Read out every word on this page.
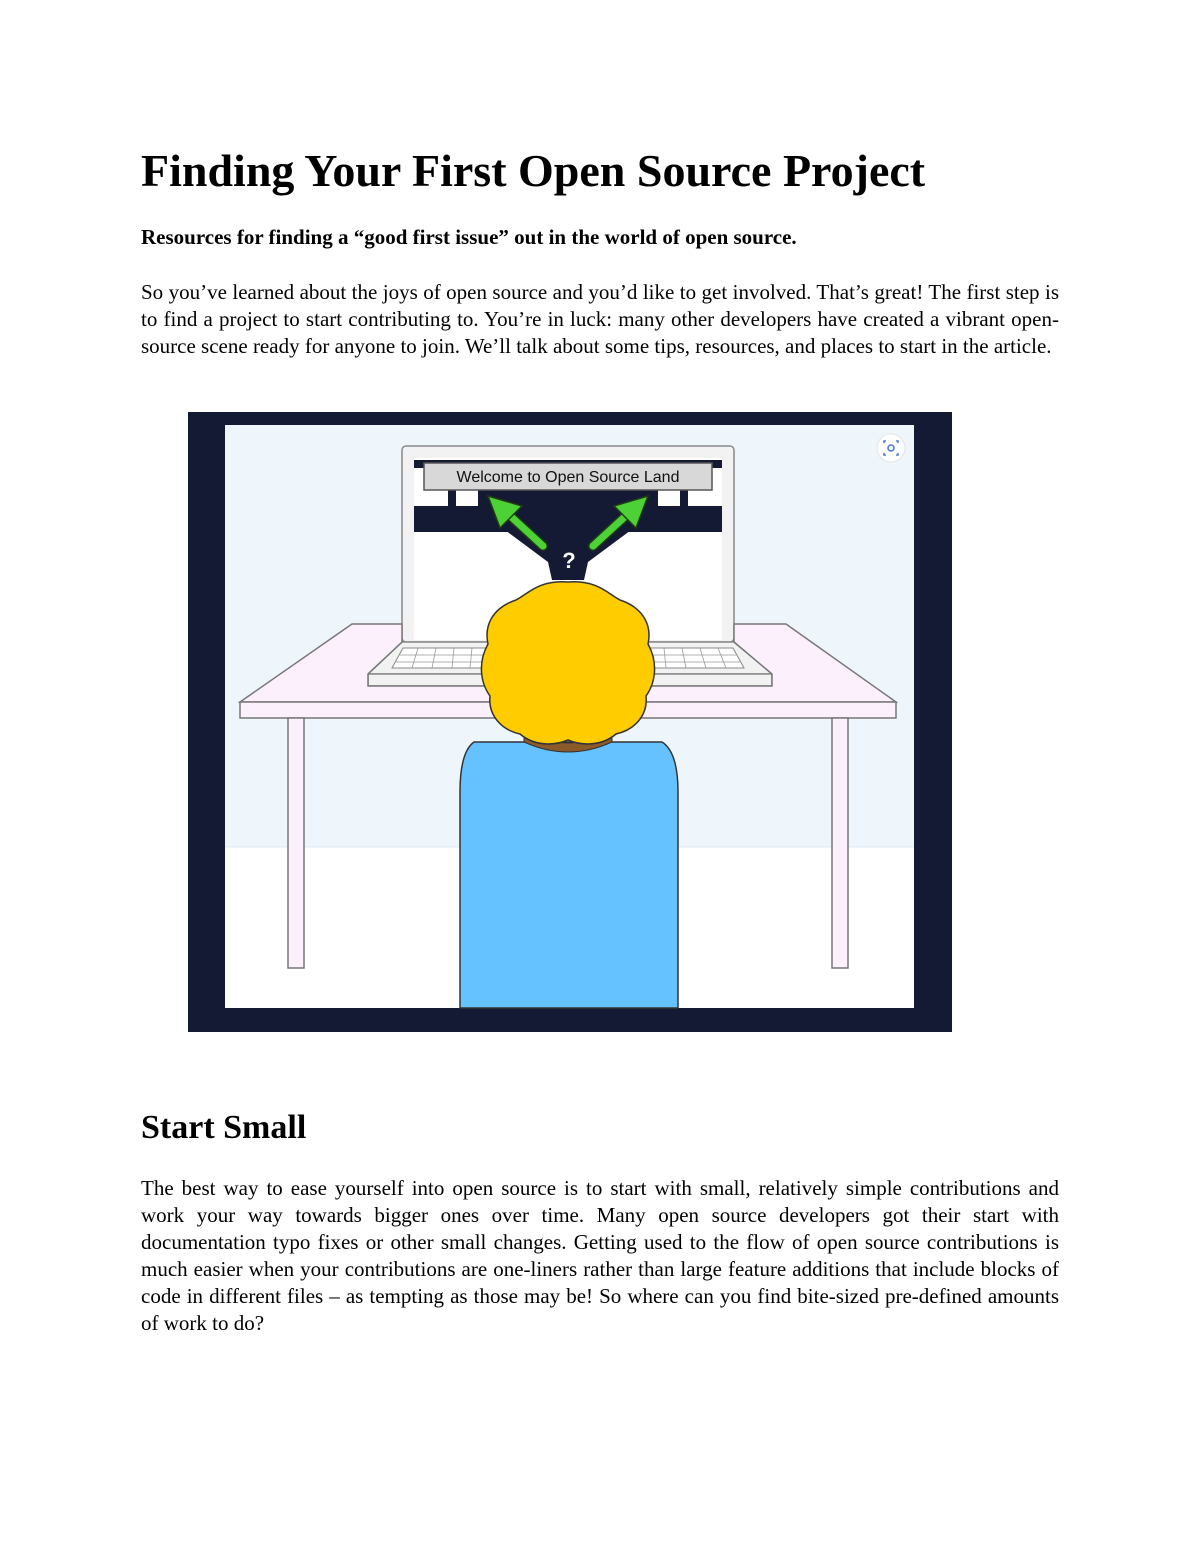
Finding Your First Open Source Project

Resources for finding a “good first issue” out in the world of open source.

So you’ve learned about the joys of open source and you’d like to get involved. That’s great! The first step is to find a project to start contributing to. You’re in luck: many other developers have created a vibrant open-source scene ready for anyone to join. We’ll talk about some tips, resources, and places to start in the article.

Start Small

The best way to ease yourself into open source is to start with small, relatively simple contributions and work your way towards bigger ones over time. Many open source developers got their start with documentation typo fixes or other small changes. Getting used to the flow of open source contributions is much easier when your contributions are one-liners rather than large feature additions that include blocks of code in different files – as tempting as those may be! So where can you find bite-sized pre-defined amounts of work to do?

Welcome to Open Source Land
?
